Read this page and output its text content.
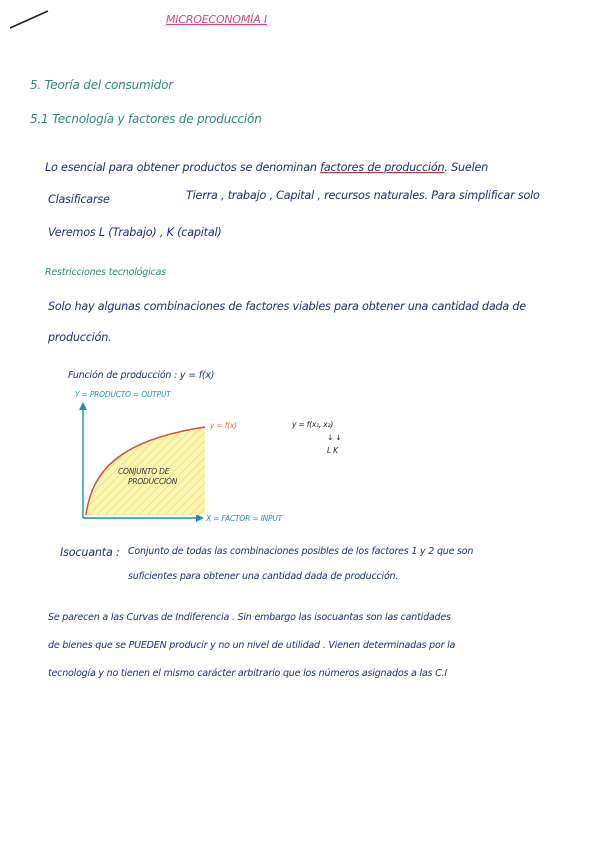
MICROECONOMÍA I
5. Teoría del consumidor
5.1 Tecnología y factores de producción
Lo esencial para obtener productos se denominan factores de producción. Suelen
Clasificarse	Tierra , trabajo , Capital , recursos naturales. Para simplificar solo
Veremos L (Trabajo) , K (capital)
Restricciones tecnológicas
Solo hay algunas combinaciones de factores viables para obtener una cantidad dada de
producción.
Función de producción : y = f(x)
Y = PRODUCTO = OUTPUT
X = FACTOR = INPUT
y = f(x)
CONJUNTO DE
PRODUCCIÓN
y = f(x₁, x₂)
↓ ↓
L K
Isocuanta : Conjunto de todas las combinaciones posibles de los factores 1 y 2 que son
suficientes para obtener una cantidad dada de producción.
Se parecen a las Curvas de Indiferencia . Sin embargo las isocuantas son las cantidades
de bienes que se PUEDEN producir y no un nivel de utilidad . Vienen determinadas por la
tecnología y no tienen el mismo carácter arbitrario que los números asignados a las C.I
